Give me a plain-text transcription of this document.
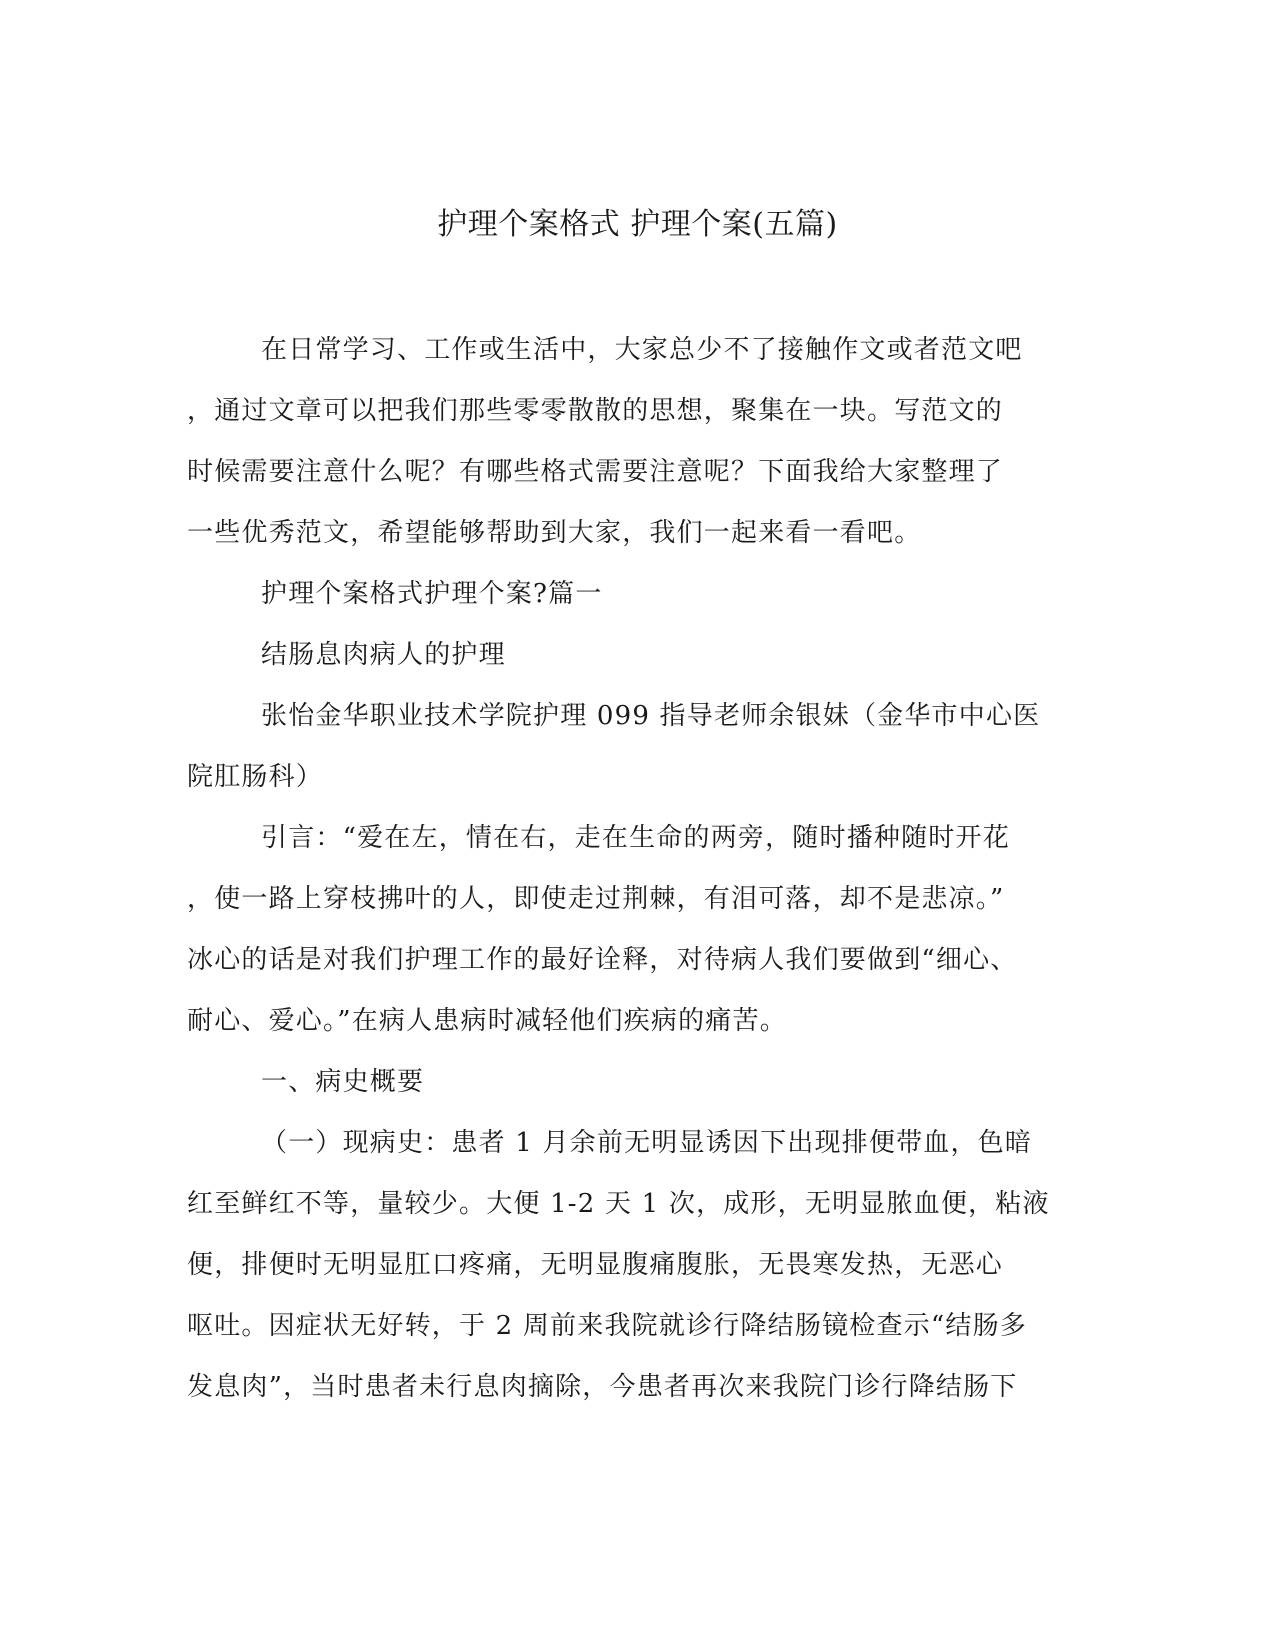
护理个案格式 护理个案(五篇)

在日常学习、工作或生活中，大家总少不了接触作文或者范文吧

，通过文章可以把我们那些零零散散的思想，聚集在一块。写范文的

时候需要注意什么呢？有哪些格式需要注意呢？下面我给大家整理了

一些优秀范文，希望能够帮助到大家，我们一起来看一看吧。

护理个案格式护理个案?篇一

结肠息肉病人的护理

张怡金华职业技术学院护理 099 指导老师余银妹（金华市中心医

院肛肠科）

引言：“爱在左，情在右，走在生命的两旁，随时播种随时开花

，使一路上穿枝拂叶的人，即使走过荆棘，有泪可落，却不是悲凉。”

冰心的话是对我们护理工作的最好诠释，对待病人我们要做到“细心、

耐心、爱心。”在病人患病时减轻他们疾病的痛苦。

一、病史概要

（一）现病史：患者 1 月余前无明显诱因下出现排便带血，色暗

红至鲜红不等，量较少。大便 1-2 天 1 次，成形，无明显脓血便，粘液

便，排便时无明显肛口疼痛，无明显腹痛腹胀，无畏寒发热，无恶心

呕吐。因症状无好转，于 2 周前来我院就诊行降结肠镜检查示“结肠多

发息肉”，当时患者未行息肉摘除，今患者再次来我院门诊行降结肠下
